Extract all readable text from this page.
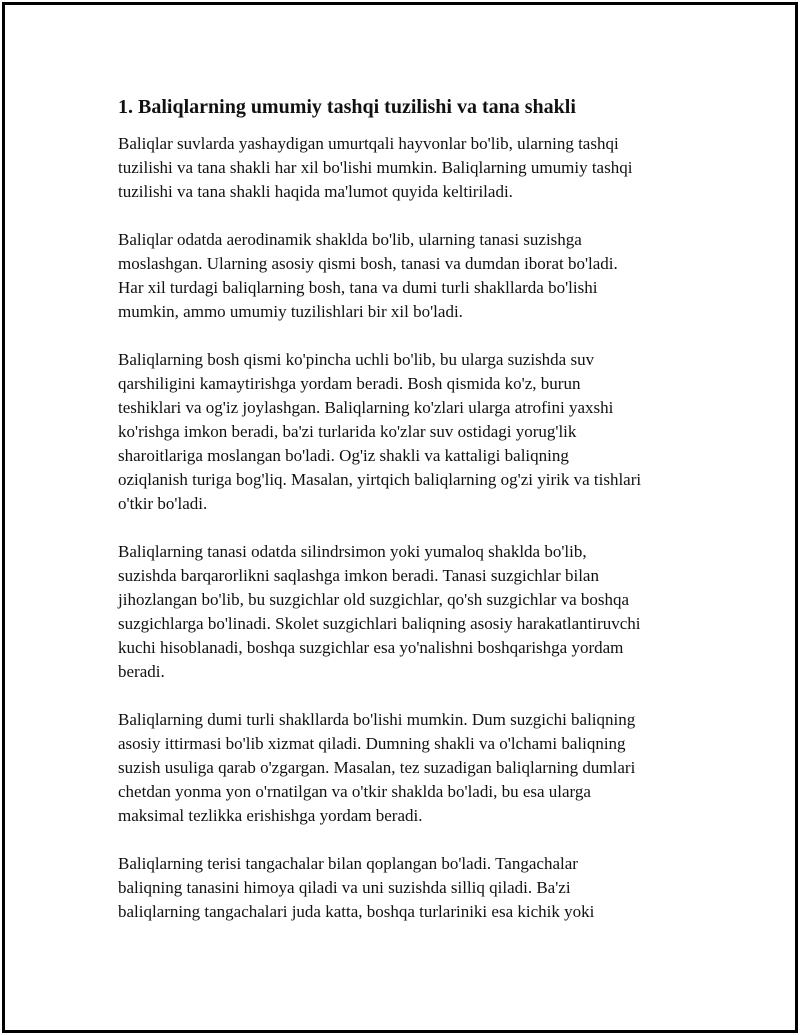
1. Baliqlarning umumiy tashqi tuzilishi va tana shakli

Baliqlar suvlarda yashaydigan umurtqali hayvonlar bo'lib, ularning tashqi
tuzilishi va tana shakli har xil bo'lishi mumkin. Baliqlarning umumiy tashqi
tuzilishi va tana shakli haqida ma'lumot quyida keltiriladi.

Baliqlar odatda aerodinamik shaklda bo'lib, ularning tanasi suzishga
moslashgan. Ularning asosiy qismi bosh, tanasi va dumdan iborat bo'ladi.
Har xil turdagi baliqlarning bosh, tana va dumi turli shakllarda bo'lishi
mumkin, ammo umumiy tuzilishlari bir xil bo'ladi.

Baliqlarning bosh qismi ko'pincha uchli bo'lib, bu ularga suzishda suv
qarshiligini kamaytirishga yordam beradi. Bosh qismida ko'z, burun
teshiklari va og'iz joylashgan. Baliqlarning ko'zlari ularga atrofini yaxshi
ko'rishga imkon beradi, ba'zi turlarida ko'zlar suv ostidagi yorug'lik
sharoitlariga moslangan bo'ladi. Og'iz shakli va kattaligi baliqning
oziqlanish turiga bog'liq. Masalan, yirtqich baliqlarning og'zi yirik va tishlari
o'tkir bo'ladi.

Baliqlarning tanasi odatda silindrsimon yoki yumaloq shaklda bo'lib,
suzishda barqarorlikni saqlashga imkon beradi. Tanasi suzgichlar bilan
jihozlangan bo'lib, bu suzgichlar old suzgichlar, qo'sh suzgichlar va boshqa
suzgichlarga bo'linadi. Skolet suzgichlari baliqning asosiy harakatlantiruvchi
kuchi hisoblanadi, boshqa suzgichlar esa yo'nalishni boshqarishga yordam
beradi.

Baliqlarning dumi turli shakllarda bo'lishi mumkin. Dum suzgichi baliqning
asosiy ittirmasi bo'lib xizmat qiladi. Dumning shakli va o'lchami baliqning
suzish usuliga qarab o'zgargan. Masalan, tez suzadigan baliqlarning dumlari
chetdan yonma yon o'rnatilgan va o'tkir shaklda bo'ladi, bu esa ularga
maksimal tezlikka erishishga yordam beradi.

Baliqlarning terisi tangachalar bilan qoplangan bo'ladi. Tangachalar
baliqning tanasini himoya qiladi va uni suzishda silliq qiladi. Ba'zi
baliqlarning tangachalari juda katta, boshqa turlariniki esa kichik yoki
